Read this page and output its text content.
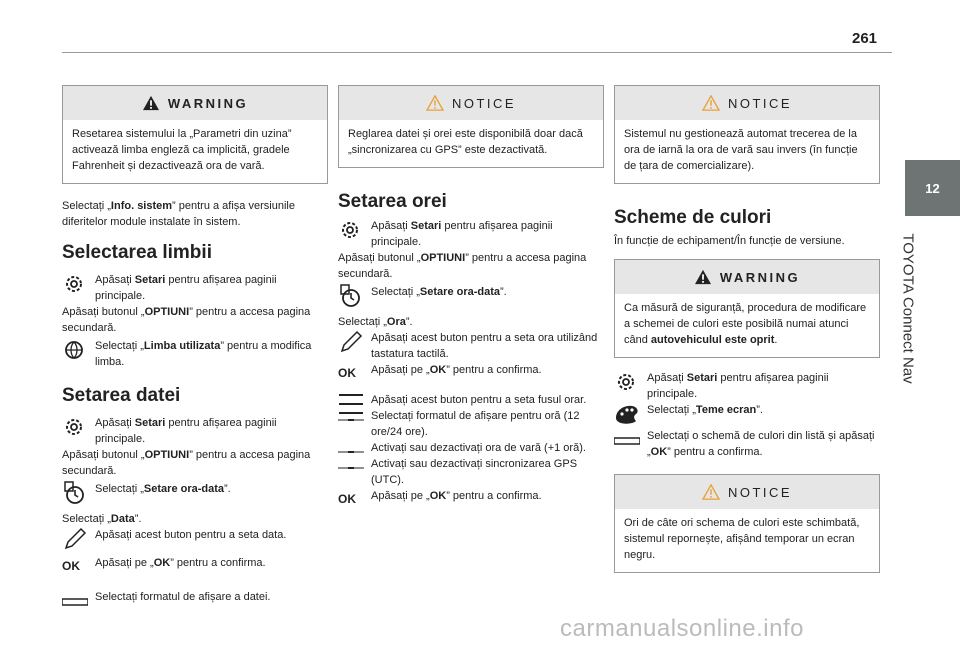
261
12
TOYOTA Connect Nav
WARNING
Resetarea sistemului la „Parametri din uzina” activează limba engleză ca implicită, gradele Fahrenheit și dezactivează ora de vară.
Selectați „Info. sistem” pentru a afișa versiunile diferitelor module instalate în sistem.
Selectarea limbii
Apăsați Setari pentru afișarea paginii principale.
Apăsați butonul „OPTIUNI” pentru a accesa pagina secundară.
Selectați „Limba utilizata” pentru a modifica limba.
Setarea datei
Apăsați Setari pentru afișarea paginii principale.
Apăsați butonul „OPTIUNI” pentru a accesa pagina secundară.
Selectați „Setare ora-data”.
Selectați „Data”.
Apăsați acest buton pentru a seta data.
OK	Apăsați pe „OK” pentru a confirma.
Selectați formatul de afișare a datei.
NOTICE
Reglarea datei și orei este disponibilă doar dacă „sincronizarea cu GPS” este dezactivată.
Setarea orei
Apăsați Setari pentru afișarea paginii principale.
Apăsați butonul „OPTIUNI” pentru a accesa pagina secundară.
Selectați „Setare ora-data”.
Selectați „Ora”.
Apăsați acest buton pentru a seta ora utilizând tastatura tactilă.
OK	Apăsați pe „OK” pentru a confirma.
Apăsați acest buton pentru a seta fusul orar.
Selectați formatul de afișare pentru oră (12 ore/24 ore).
Activați sau dezactivați ora de vară (+1 oră).
Activați sau dezactivați sincronizarea GPS (UTC).
OK	Apăsați pe „OK” pentru a confirma.
NOTICE
Sistemul nu gestionează automat trecerea de la ora de iarnă la ora de vară sau invers (în funcție de țara de comercializare).
Scheme de culori
În funcție de echipament/În funcție de versiune.
WARNING
Ca măsură de siguranță, procedura de modificare a schemei de culori este posibilă numai atunci când autovehiculul este oprit.
Apăsați Setari pentru afișarea paginii principale.
Selectați „Teme ecran”.
Selectați o schemă de culori din listă și apăsați „OK” pentru a confirma.
NOTICE
Ori de câte ori schema de culori este schimbată, sistemul repornește, afișând temporar un ecran negru.
carmanualsonline.info
